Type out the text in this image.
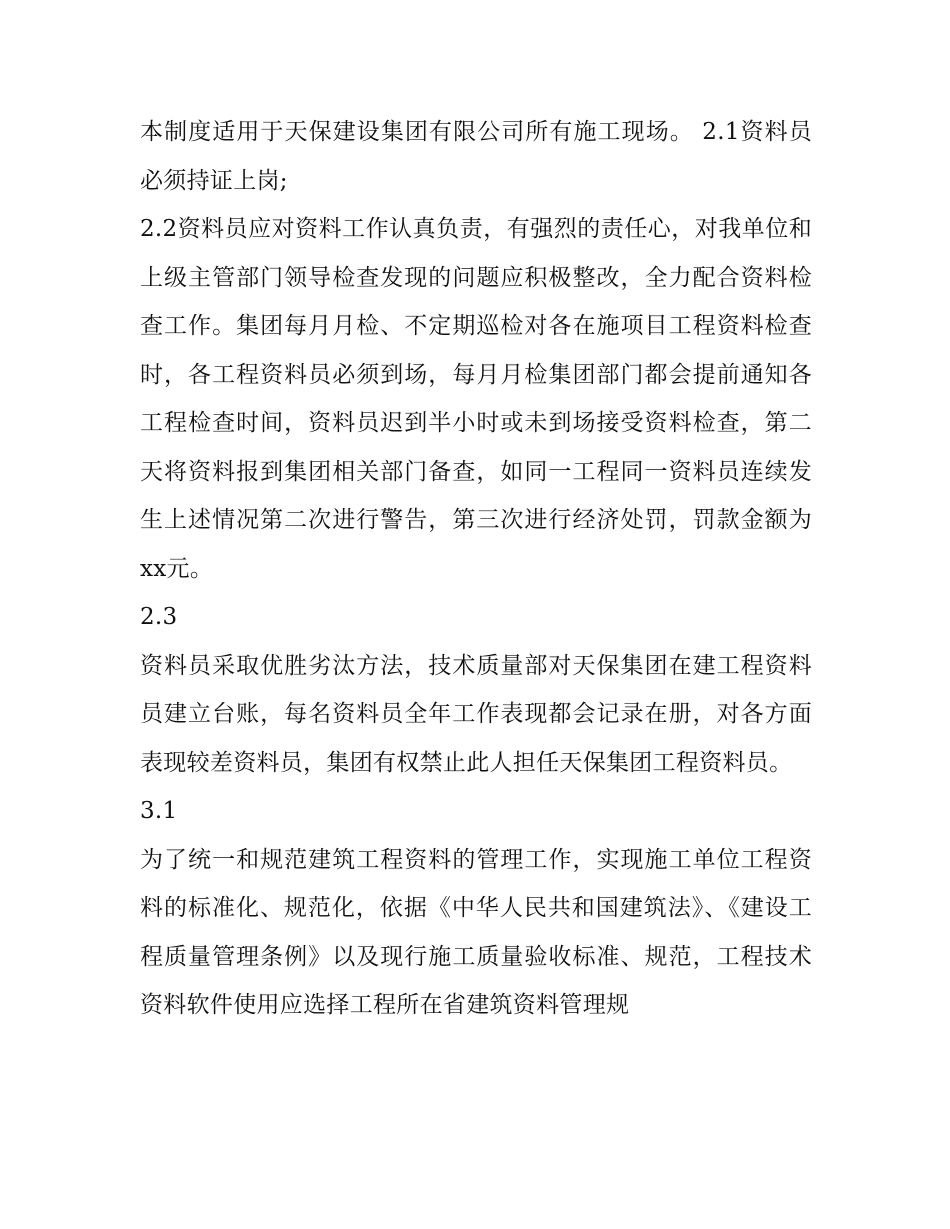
本制度适用于天保建设集团有限公司所有施工现场。 2.1资料员必须持证上岗;

2.2资料员应对资料工作认真负责，有强烈的责任心，对我单位和上级主管部门领导检查发现的问题应积极整改，全力配合资料检查工作。集团每月月检、不定期巡检对各在施项目工程资料检查时，各工程资料员必须到场，每月月检集团部门都会提前通知各工程检查时间，资料员迟到半小时或未到场接受资料检查，第二天将资料报到集团相关部门备查，如同一工程同一资料员连续发生上述情况第二次进行警告，第三次进行经济处罚，罚款金额为xx元。

2.3

资料员采取优胜劣汰方法，技术质量部对天保集团在建工程资料员建立台账，每名资料员全年工作表现都会记录在册，对各方面表现较差资料员，集团有权禁止此人担任天保集团工程资料员。

3.1

为了统一和规范建筑工程资料的管理工作，实现施工单位工程资料的标准化、规范化，依据《中华人民共和国建筑法》、《建设工程质量管理条例》以及现行施工质量验收标准、规范，工程技术资料软件使用应选择工程所在省建筑资料管理规
